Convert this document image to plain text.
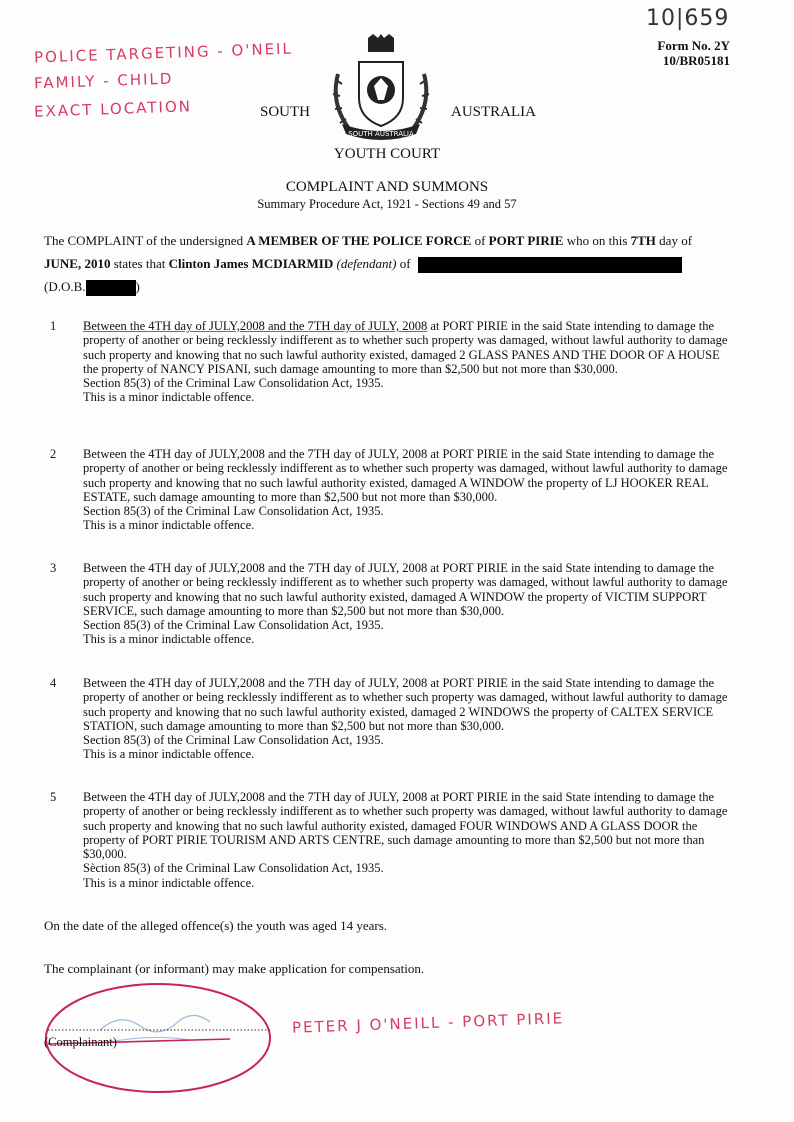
10|659
POLICE TARGETING - O'NEIL
FAMILY - CHILD
EXACT LOCATION
Form No. 2Y
10/BR05181
SOUTH AUSTRALIA
SOUTH	AUSTRALIA
YOUTH COURT
COMPLAINT AND SUMMONS
Summary Procedure Act, 1921 - Sections 49 and 57
The COMPLAINT of the undersigned A MEMBER OF THE POLICE FORCE of PORT PIRIE who on this 7TH day of
JUNE, 2010 states that Clinton James MCDIARMID (defendant) of
(D.O.B.	)
1 Between the 4TH day of JULY,2008 and the 7TH day of JULY, 2008 at PORT PIRIE in the said State intending to damage the property of another or being recklessly indifferent as to whether such property was damaged, without lawful authority to damage such property and knowing that no such lawful authority existed, damaged 2 GLASS PANES AND THE DOOR OF A HOUSE the property of NANCY PISANI, such damage amounting to more than $2,500 but not more than $30,000.

Section 85(3) of the Criminal Law Consolidation Act, 1935.

This is a minor indictable offence.

2 Between the 4TH day of JULY,2008 and the 7TH day of JULY, 2008 at PORT PIRIE in the said State intending to damage the property of another or being recklessly indifferent as to whether such property was damaged, without lawful authority to damage such property and knowing that no such lawful authority existed, damaged A WINDOW the property of LJ HOOKER REAL ESTATE, such damage amounting to more than $2,500 but not more than $30,000.

Section 85(3) of the Criminal Law Consolidation Act, 1935.

This is a minor indictable offence.

3 Between the 4TH day of JULY,2008 and the 7TH day of JULY, 2008 at PORT PIRIE in the said State intending to damage the property of another or being recklessly indifferent as to whether such property was damaged, without lawful authority to damage such property and knowing that no such lawful authority existed, damaged A WINDOW the property of VICTIM SUPPORT SERVICE, such damage amounting to more than $2,500 but not more than $30,000.

Section 85(3) of the Criminal Law Consolidation Act, 1935.

This is a minor indictable offence.

4 Between the 4TH day of JULY,2008 and the 7TH day of JULY, 2008 at PORT PIRIE in the said State intending to damage the property of another or being recklessly indifferent as to whether such property was damaged, without lawful authority to damage such property and knowing that no such lawful authority existed, damaged 2 WINDOWS the property of CALTEX SERVICE STATION, such damage amounting to more than $2,500 but not more than $30,000.

Section 85(3) of the Criminal Law Consolidation Act, 1935.

This is a minor indictable offence.

5 Between the 4TH day of JULY,2008 and the 7TH day of JULY, 2008 at PORT PIRIE in the said State intending to damage the property of another or being recklessly indifferent as to whether such property was damaged, without lawful authority to damage such property and knowing that no such lawful authority existed, damaged FOUR WINDOWS AND A GLASS DOOR the property of PORT PIRIE TOURISM AND ARTS CENTRE, such damage amounting to more than $2,500 but not more than $30,000.

Sèction 85(3) of the Criminal Law Consolidation Act, 1935.

This is a minor indictable offence.

On the date of the alleged offence(s) the youth was aged 14 years.
The complainant (or informant) may make application for compensation.
(Complainant)
PETER J O'NEILL - PORT PIRIE
